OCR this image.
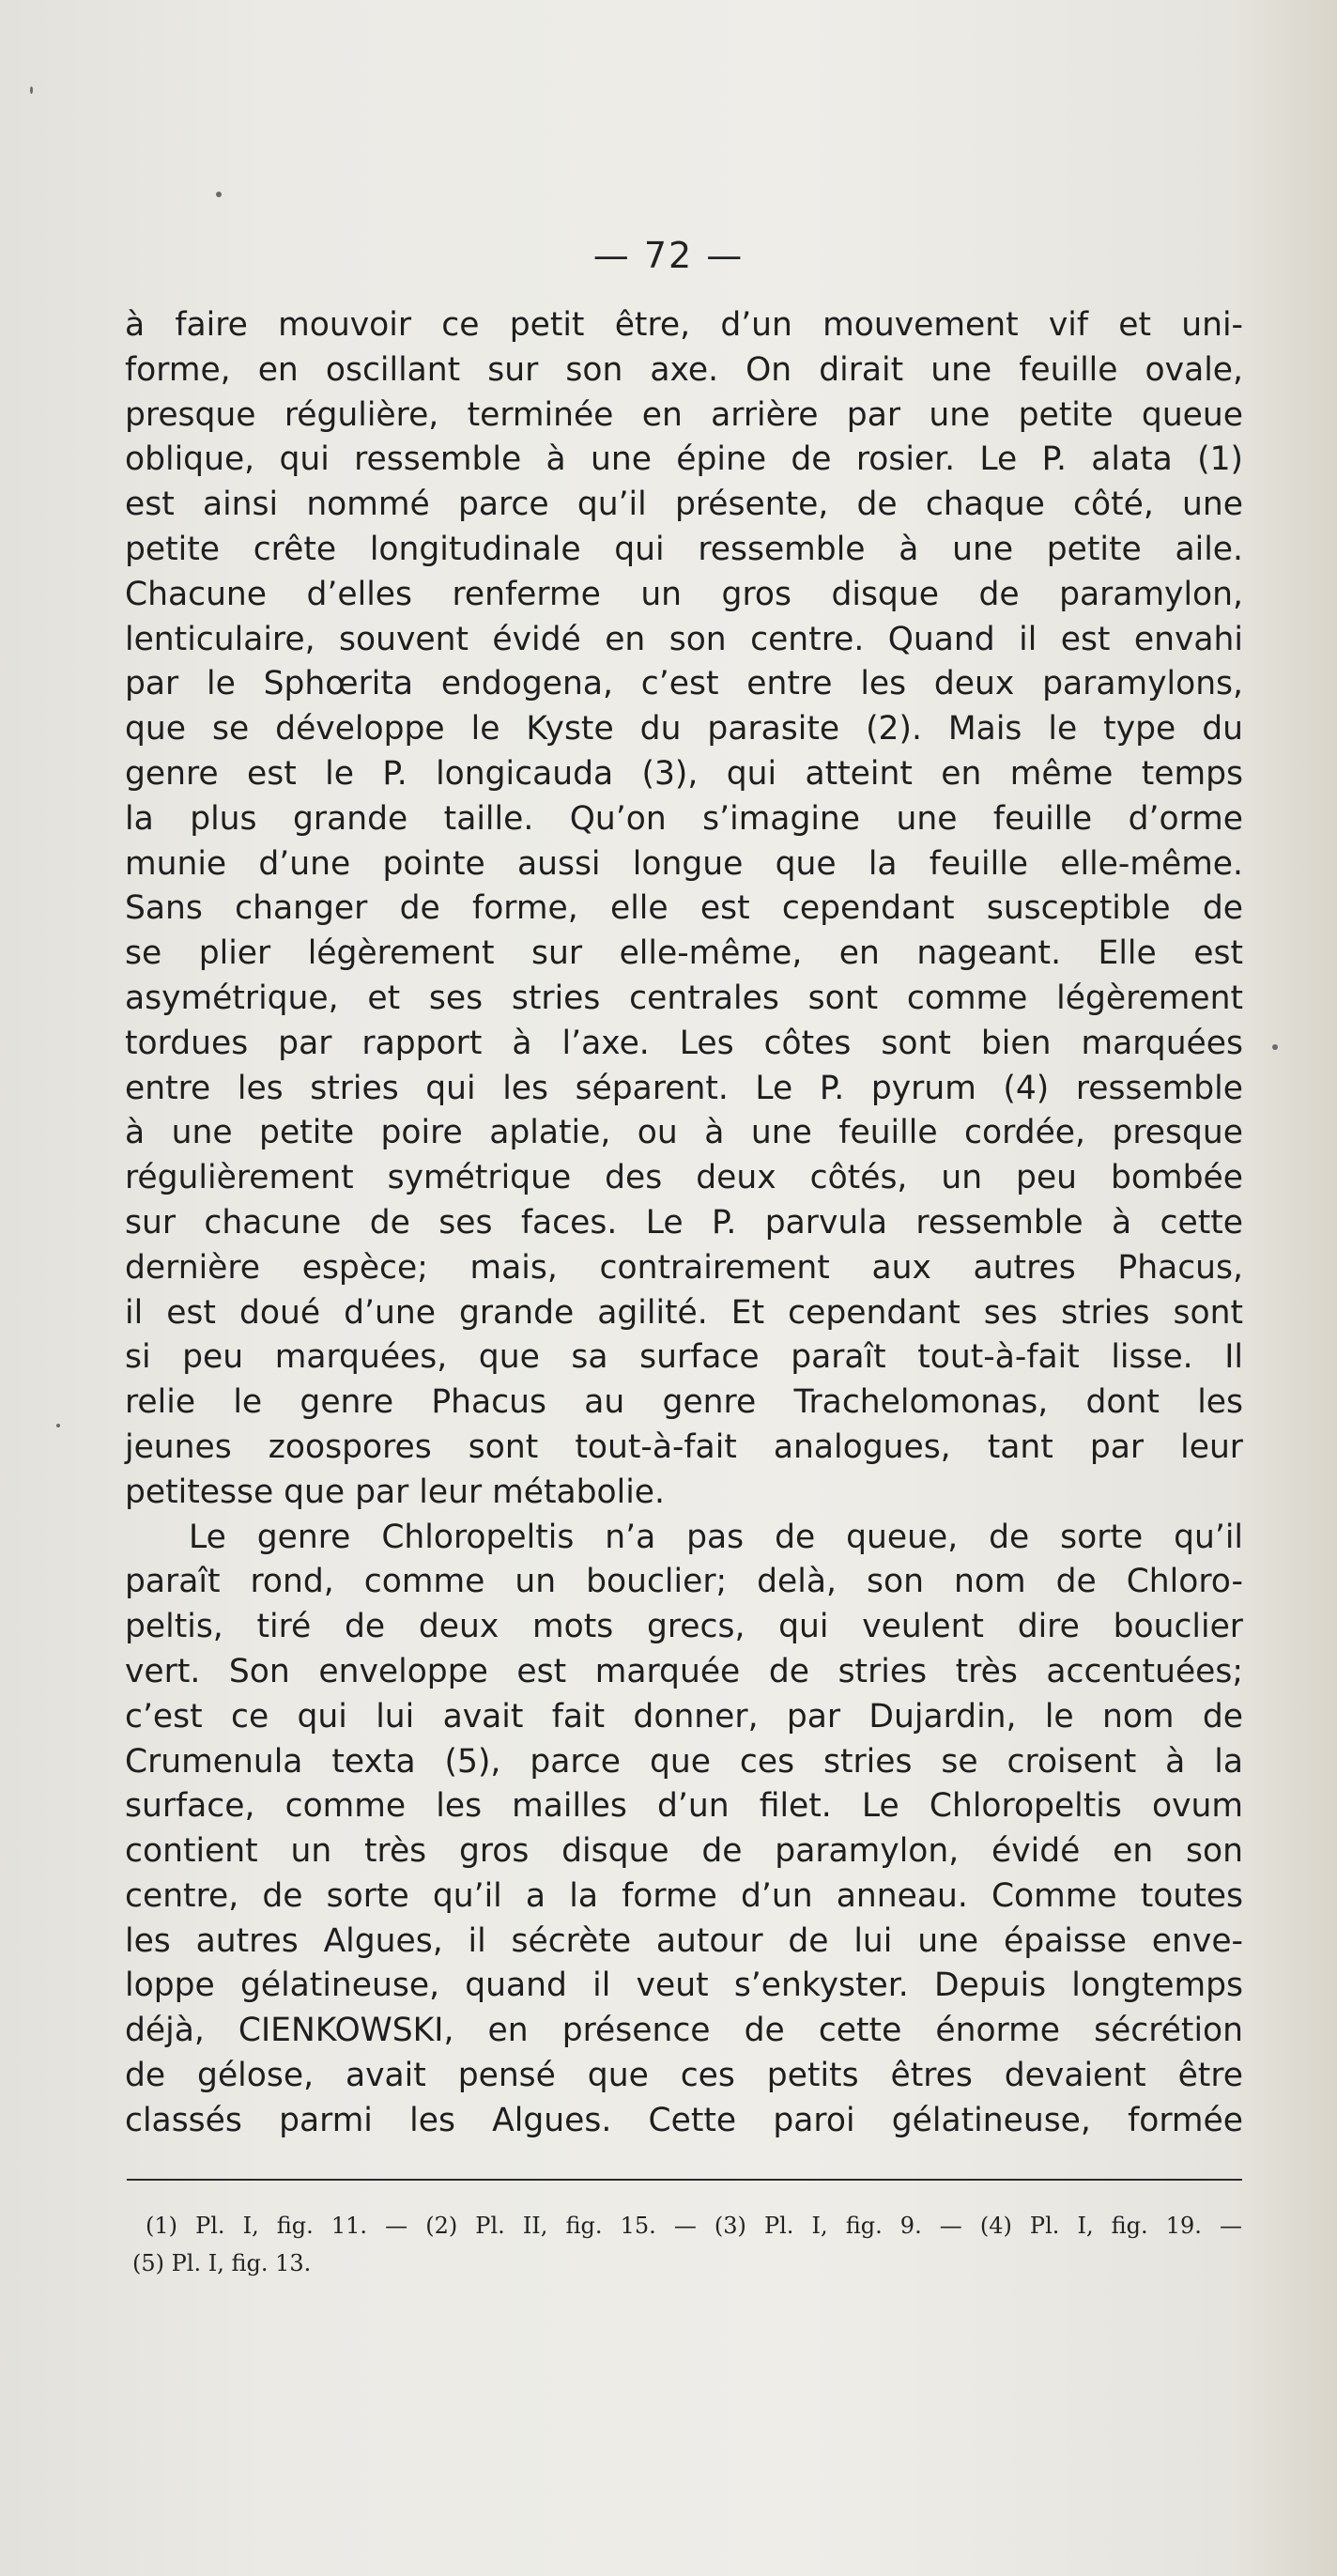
— 72 —
à faire mouvoir ce petit être, d’un mouvement vif et uni-
forme, en oscillant sur son axe. On dirait une feuille ovale,
presque régulière, terminée en arrière par une petite queue
oblique, qui ressemble à une épine de rosier. Le P. alata (1)
est ainsi nommé parce qu’il présente, de chaque côté, une
petite crête longitudinale qui ressemble à une petite aile.
Chacune d’elles renferme un gros disque de paramylon,
lenticulaire, souvent évidé en son centre. Quand il est envahi
par le Sphœrita endogena, c’est entre les deux paramylons,
que se développe le Kyste du parasite (2). Mais le type du
genre est le P. longicauda (3), qui atteint en même temps
la plus grande taille. Qu’on s’imagine une feuille d’orme
munie d’une pointe aussi longue que la feuille elle-même.
Sans changer de forme, elle est cependant susceptible de
se plier légèrement sur elle-même, en nageant. Elle est
asymétrique, et ses stries centrales sont comme légèrement
tordues par rapport à l’axe. Les côtes sont bien marquées
entre les stries qui les séparent. Le P. pyrum (4) ressemble
à une petite poire aplatie, ou à une feuille cordée, presque
régulièrement symétrique des deux côtés, un peu bombée
sur chacune de ses faces. Le P. parvula ressemble à cette
dernière espèce; mais, contrairement aux autres Phacus,
il est doué d’une grande agilité. Et cependant ses stries sont
si peu marquées, que sa surface paraît tout-à-fait lisse. Il
relie le genre Phacus au genre Trachelomonas, dont les
jeunes zoospores sont tout-à-fait analogues, tant par leur
petitesse que par leur métabolie.
Le genre Chloropeltis n’a pas de queue, de sorte qu’il
paraît rond, comme un bouclier; delà, son nom de Chloro-
peltis, tiré de deux mots grecs, qui veulent dire bouclier
vert. Son enveloppe est marquée de stries très accentuées;
c’est ce qui lui avait fait donner, par Dujardin, le nom de
Crumenula texta (5), parce que ces stries se croisent à la
surface, comme les mailles d’un filet. Le Chloropeltis ovum
contient un très gros disque de paramylon, évidé en son
centre, de sorte qu’il a la forme d’un anneau. Comme toutes
les autres Algues, il sécrète autour de lui une épaisse enve-
loppe gélatineuse, quand il veut s’enkyster. Depuis longtemps
déjà, CIENKOWSKI, en présence de cette énorme sécrétion
de gélose, avait pensé que ces petits êtres devaient être
classés parmi les Algues. Cette paroi gélatineuse, formée
(1) Pl. I, fig. 11. — (2) Pl. II, fig. 15. — (3) Pl. I, fig. 9. — (4) Pl. I, fig. 19. —
(5) Pl. I, fig. 13.
